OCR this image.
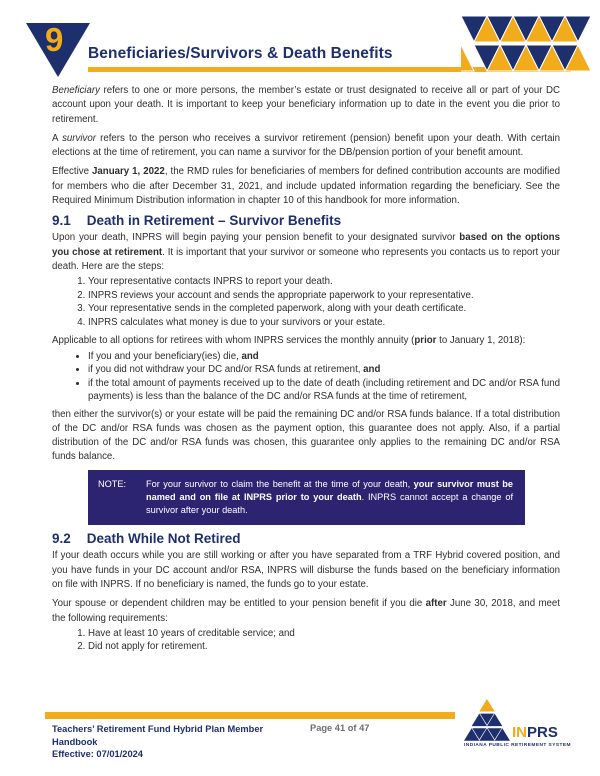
9 Beneficiaries/Survivors & Death Benefits

Beneficiary refers to one or more persons, the member’s estate or trust designated to receive all or part of your DC account upon your death. It is important to keep your beneficiary information up to date in the event you die prior to retirement.

A survivor refers to the person who receives a survivor retirement (pension) benefit upon your death. With certain elections at the time of retirement, you can name a survivor for the DB/pension portion of your benefit amount.

Effective January 1, 2022, the RMD rules for beneficiaries of members for defined contribution accounts are modified for members who die after December 31, 2021, and include updated information regarding the beneficiary. See the Required Minimum Distribution information in chapter 10 of this handbook for more information.

9.1 Death in Retirement – Survivor Benefits

Upon your death, INPRS will begin paying your pension benefit to your designated survivor based on the options you chose at retirement. It is important that your survivor or someone who represents you contacts us to report your death. Here are the steps:

1. Your representative contacts INPRS to report your death.
2. INPRS reviews your account and sends the appropriate paperwork to your representative.
3. Your representative sends in the completed paperwork, along with your death certificate.
4. INPRS calculates what money is due to your survivors or your estate.

Applicable to all options for retirees with whom INPRS services the monthly annuity (prior to January 1, 2018):

• If you and your beneficiary(ies) die, and
• if you did not withdraw your DC and/or RSA funds at retirement, and
• if the total amount of payments received up to the date of death (including retirement and DC and/or RSA fund payments) is less than the balance of the DC and/or RSA funds at the time of retirement,

then either the survivor(s) or your estate will be paid the remaining DC and/or RSA funds balance. If a total distribution of the DC and/or RSA funds was chosen as the payment option, this guarantee does not apply. Also, if a partial distribution of the DC and/or RSA funds was chosen, this guarantee only applies to the remaining DC and/or RSA funds balance.

NOTE:	For your survivor to claim the benefit at the time of your death, your survivor must be named and on file at INPRS prior to your death. INPRS cannot accept a change of survivor after your death.
9.2 Death While Not Retired

If your death occurs while you are still working or after you have separated from a TRF Hybrid covered position, and you have funds in your DC account and/or RSA, INPRS will disburse the funds based on the beneficiary information on file with INPRS. If no beneficiary is named, the funds go to your estate.

Your spouse or dependent children may be entitled to your pension benefit if you die after June 30, 2018, and meet the following requirements:

1. Have at least 10 years of creditable service; and
2. Did not apply for retirement.
Teachers’ Retirement Fund Hybrid Plan Member Handbook
Effective: 07/01/2024
Page 41 of 47	INPRS
INDIANA PUBLIC RETIREMENT SYSTEM
